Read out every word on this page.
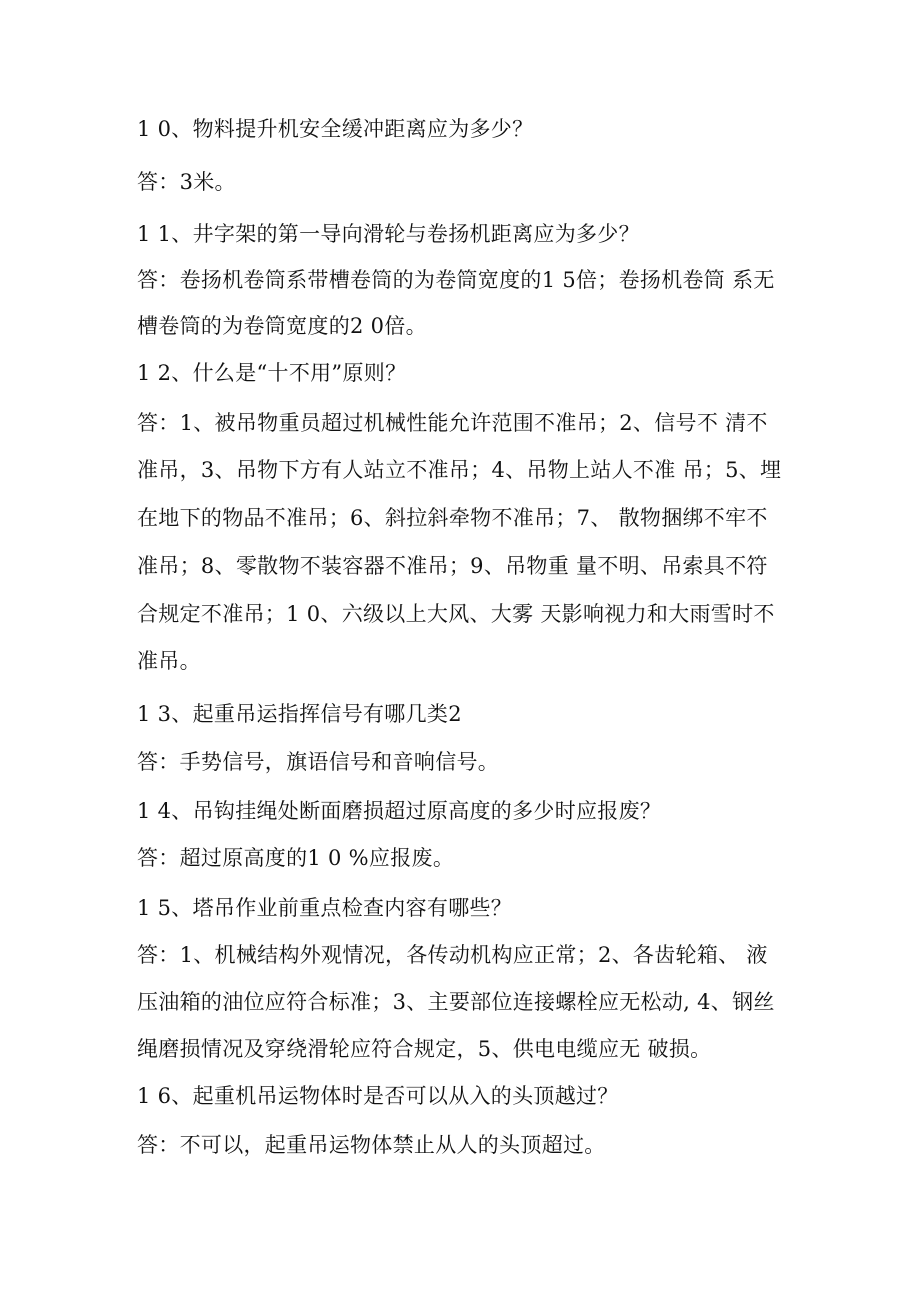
1 0、物料提升机安全缓冲距离应为多少？
答：3米。
1 1、井字架的第一导向滑轮与卷扬机距离应为多少？
答：卷扬机卷筒系带槽卷筒的为卷筒宽度的1 5倍；卷扬机卷筒 系无
槽卷筒的为卷筒宽度的2 0倍。
1 2、什么是“十不用”原则？
答：1、被吊物重员超过机械性能允许范围不准吊；2、信号不 清不
准吊，3、吊物下方有人站立不准吊；4、吊物上站人不准 吊；5、埋
在地下的物品不准吊；6、斜拉斜牵物不准吊；7、 散物捆绑不牢不
准吊；8、零散物不装容器不准吊；9、吊物重 量不明、吊索具不符
合规定不准吊；1 0、六级以上大风、大雾 天影响视力和大雨雪时不
准吊。
1 3、起重吊运指挥信号有哪几类2
答：手势信号，旗语信号和音响信号。
1 4、吊钩挂绳处断面磨损超过原高度的多少时应报废？
答：超过原高度的1 0 %应报废。
1 5、塔吊作业前重点检查内容有哪些？
答：1、机械结构外观情况，各传动机构应正常；2、各齿轮箱、 液
压油箱的油位应符合标准；3、主要部位连接螺栓应无松动, 4、钢丝
绳磨损情况及穿绕滑轮应符合规定，5、供电电缆应无 破损。
1 6、起重机吊运物体时是否可以从入的头顶越过？
答：不可以，起重吊运物体禁止从人的头顶超过。
